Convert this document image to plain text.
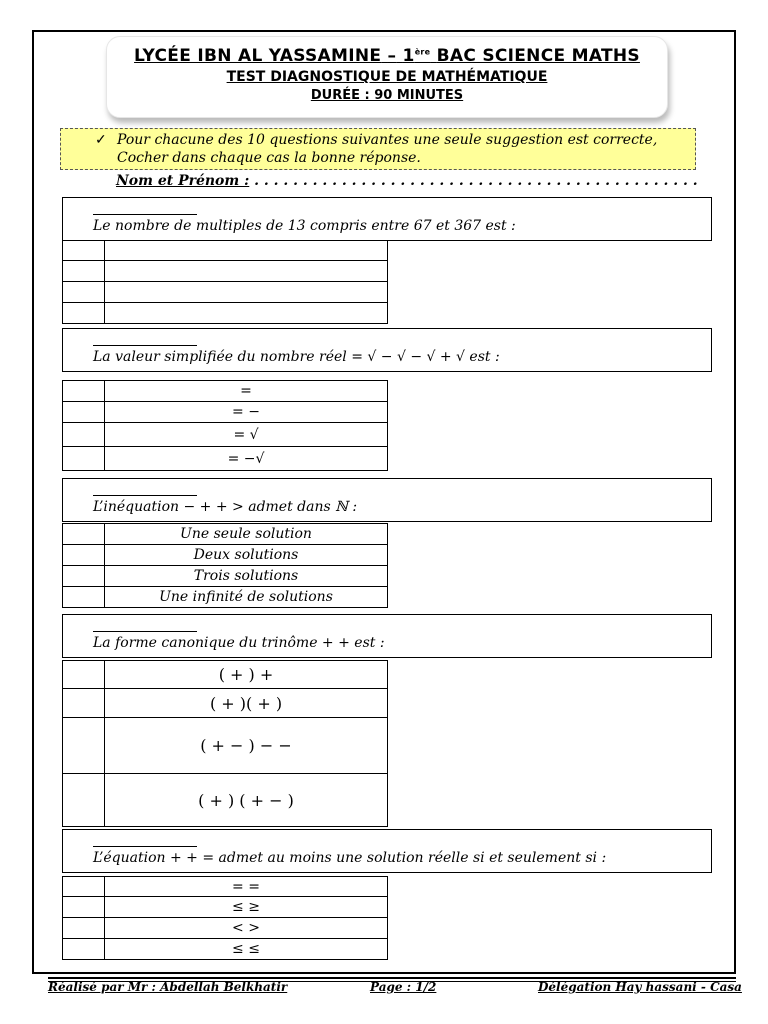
LYCÉE IBN AL YASSAMINE – 1ère BAC SCIENCE MATHS
TEST DIAGNOSTIQUE DE MATHÉMATIQUE
DURÉE : 90 MINUTES
✓ Pour chacune des 10 questions suivantes une seule suggestion est correcte,
Cocher dans chaque cas la bonne réponse.
Nom et Prénom : . . . . . . . . . . . . . . . . . . . . . . . . . . . . . . . . . . . . . . . . . . . . . .
Le nombre de multiples de 13 compris entre 67 et 367 est :

La valeur simplifiée du nombre réel = √ − √ − √ + √ est :
	=
	= −
	= √
	= −√
L’inéquation − + + > admet dans ℕ :
	Une seule solution
	Deux solutions
	Trois solutions
	Une infinité de solutions
La forme canonique du trinôme + + est :
	( + ) +
	( + )( + )
	( + − ) − −
	( + ) ( + − )
L’équation + + = admet au moins une solution réelle si et seulement si :
	= =
	≤ ≥
	< >
	≤ ≤
Réalisé par Mr : Abdellah Belkhatir	Page : 1/2	Délégation Hay hassani - Casa
